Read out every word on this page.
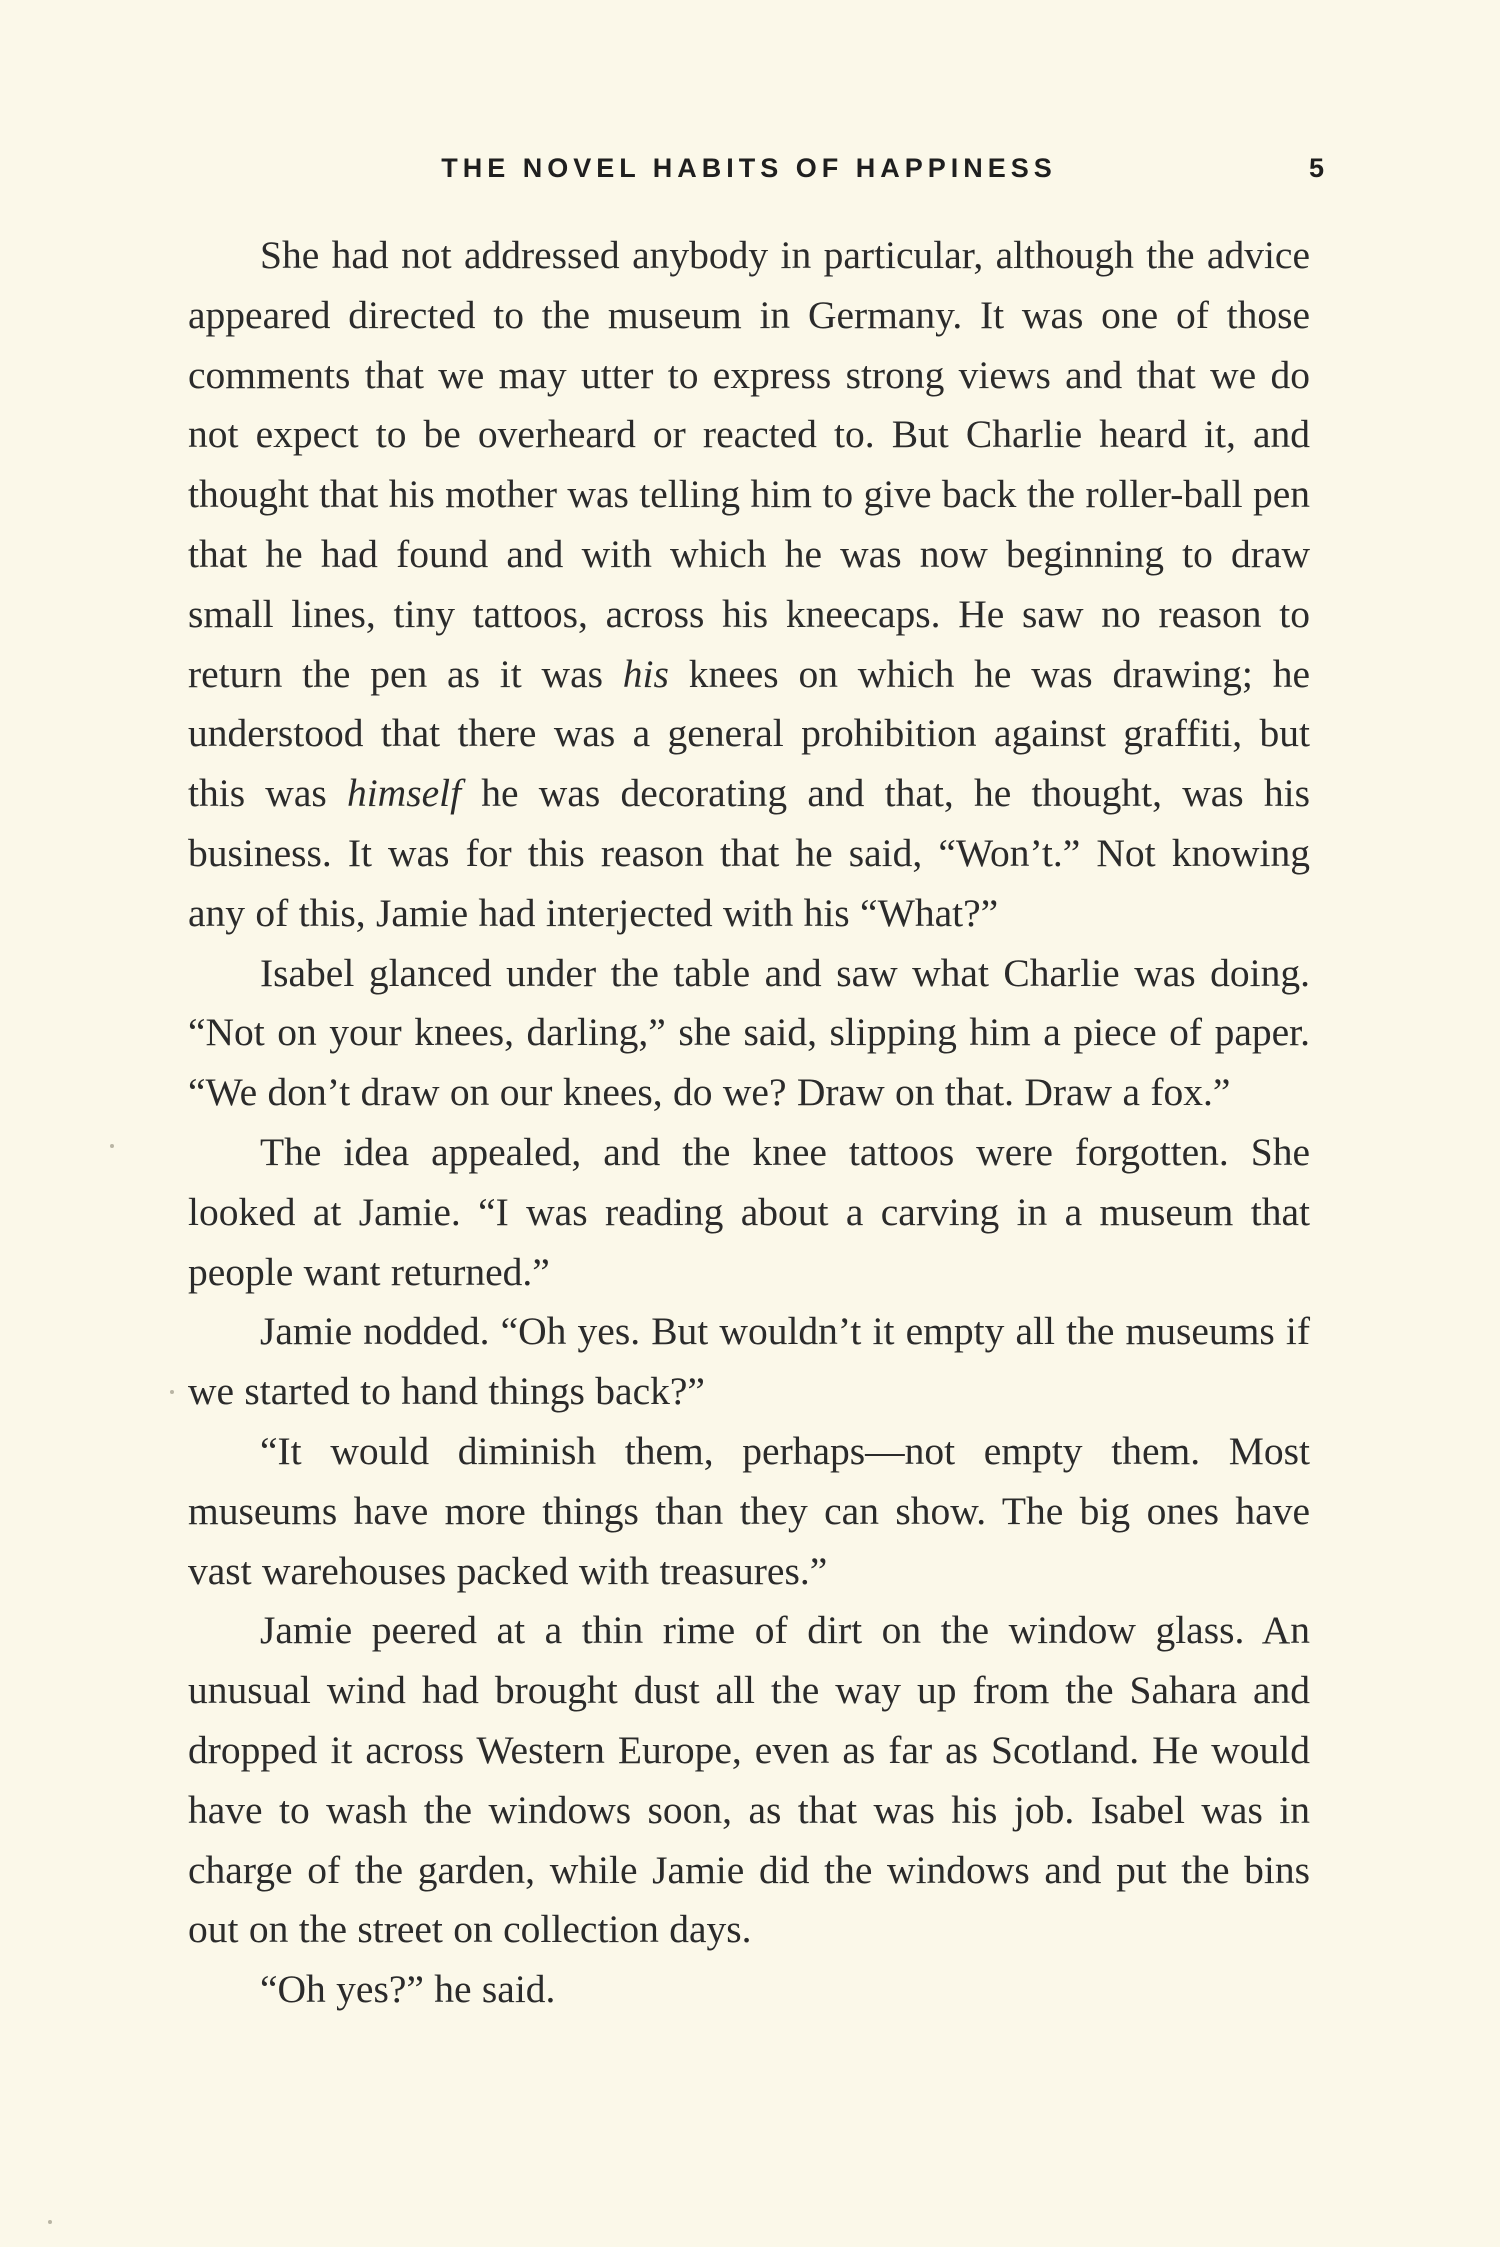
THE NOVEL HABITS OF HAPPINESS	5

She had not addressed anybody in particular, although the advice appeared directed to the museum in Germany. It was one of those comments that we may utter to express strong views and that we do not expect to be overheard or reacted to. But Charlie heard it, and thought that his mother was telling him to give back the roller-ball pen that he had found and with which he was now beginning to draw small lines, tiny tattoos, across his kneecaps. He saw no reason to return the pen as it was his knees on which he was drawing; he understood that there was a general prohibition against graffiti, but this was himself he was decorating and that, he thought, was his business. It was for this reason that he said, “Won’t.” Not knowing any of this, Jamie had interjected with his “What?”

Isabel glanced under the table and saw what Charlie was doing. “Not on your knees, darling,” she said, slipping him a piece of paper. “We don’t draw on our knees, do we? Draw on that. Draw a fox.”

The idea appealed, and the knee tattoos were forgotten. She looked at Jamie. “I was reading about a carving in a museum that people want returned.”

Jamie nodded. “Oh yes. But wouldn’t it empty all the museums if we started to hand things back?”

“It would diminish them, perhaps—not empty them. Most museums have more things than they can show. The big ones have vast warehouses packed with treasures.”

Jamie peered at a thin rime of dirt on the window glass. An unusual wind had brought dust all the way up from the Sahara and dropped it across Western Europe, even as far as Scotland. He would have to wash the windows soon, as that was his job. Isabel was in charge of the garden, while Jamie did the windows and put the bins out on the street on collection days.

“Oh yes?” he said.
